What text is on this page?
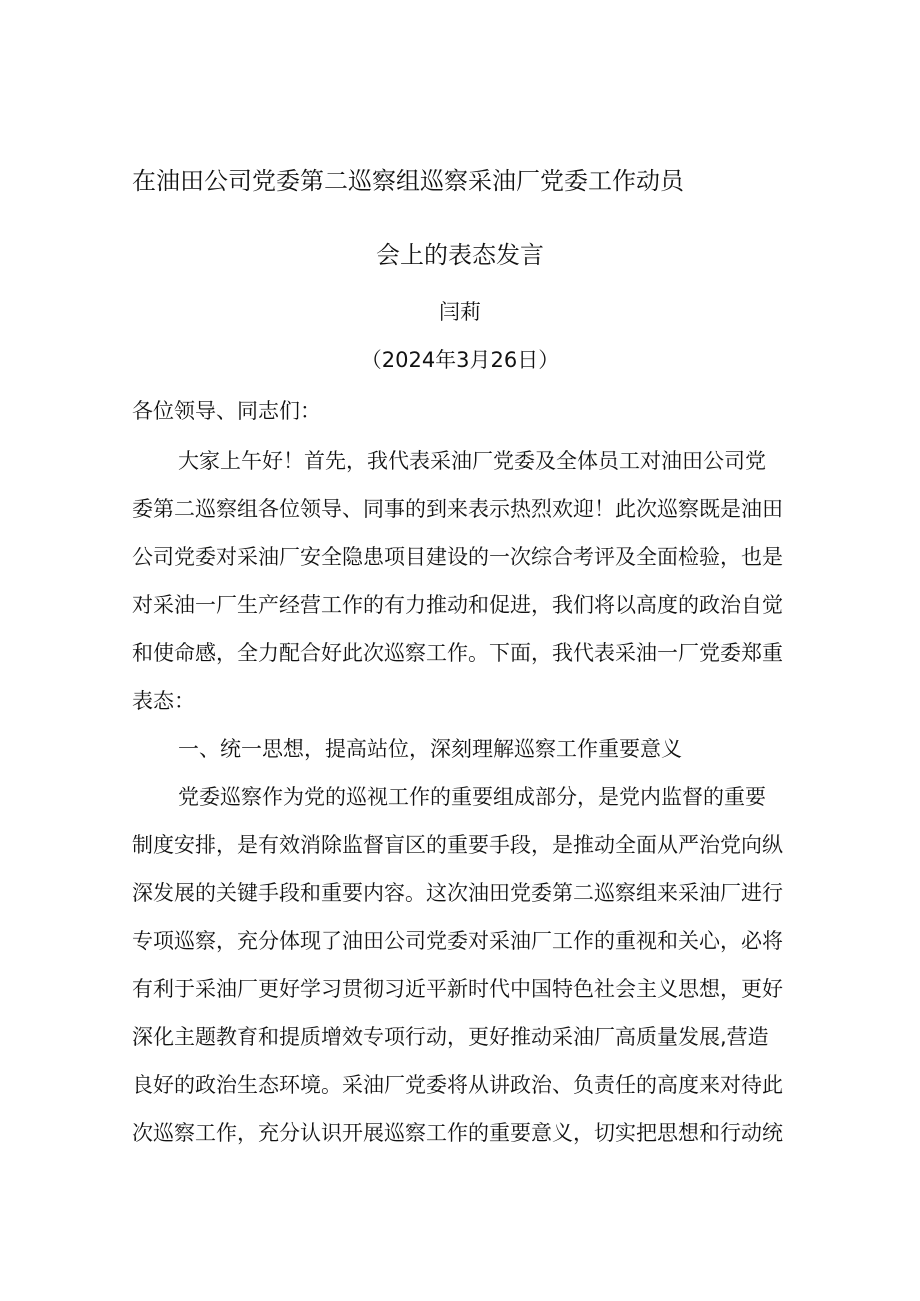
在油田公司党委第二巡察组巡察采油厂党委工作动员
会上的表态发言
闫莉
（2024年3月26日）
各位领导、同志们：
大家上午好！首先，我代表采油厂党委及全体员工对油田公司党
委第二巡察组各位领导、同事的到来表示热烈欢迎！此次巡察既是油田
公司党委对采油厂安全隐患项目建设的一次综合考评及全面检验，也是
对采油一厂生产经营工作的有力推动和促进，我们将以高度的政治自觉
和使命感，全力配合好此次巡察工作。下面，我代表采油一厂党委郑重
表态：
一、统一思想，提高站位，深刻理解巡察工作重要意义
党委巡察作为党的巡视工作的重要组成部分，是党内监督的重要
制度安排，是有效消除监督盲区的重要手段，是推动全面从严治党向纵
深发展的关键手段和重要内容。这次油田党委第二巡察组来采油厂进行
专项巡察，充分体现了油田公司党委对采油厂工作的重视和关心，必将
有利于采油厂更好学习贯彻习近平新时代中国特色社会主义思想，更好
深化主题教育和提质增效专项行动，更好推动采油厂高质量发展,营造
良好的政治生态环境。采油厂党委将从讲政治、负责任的高度来对待此
次巡察工作，充分认识开展巡察工作的重要意义，切实把思想和行动统
